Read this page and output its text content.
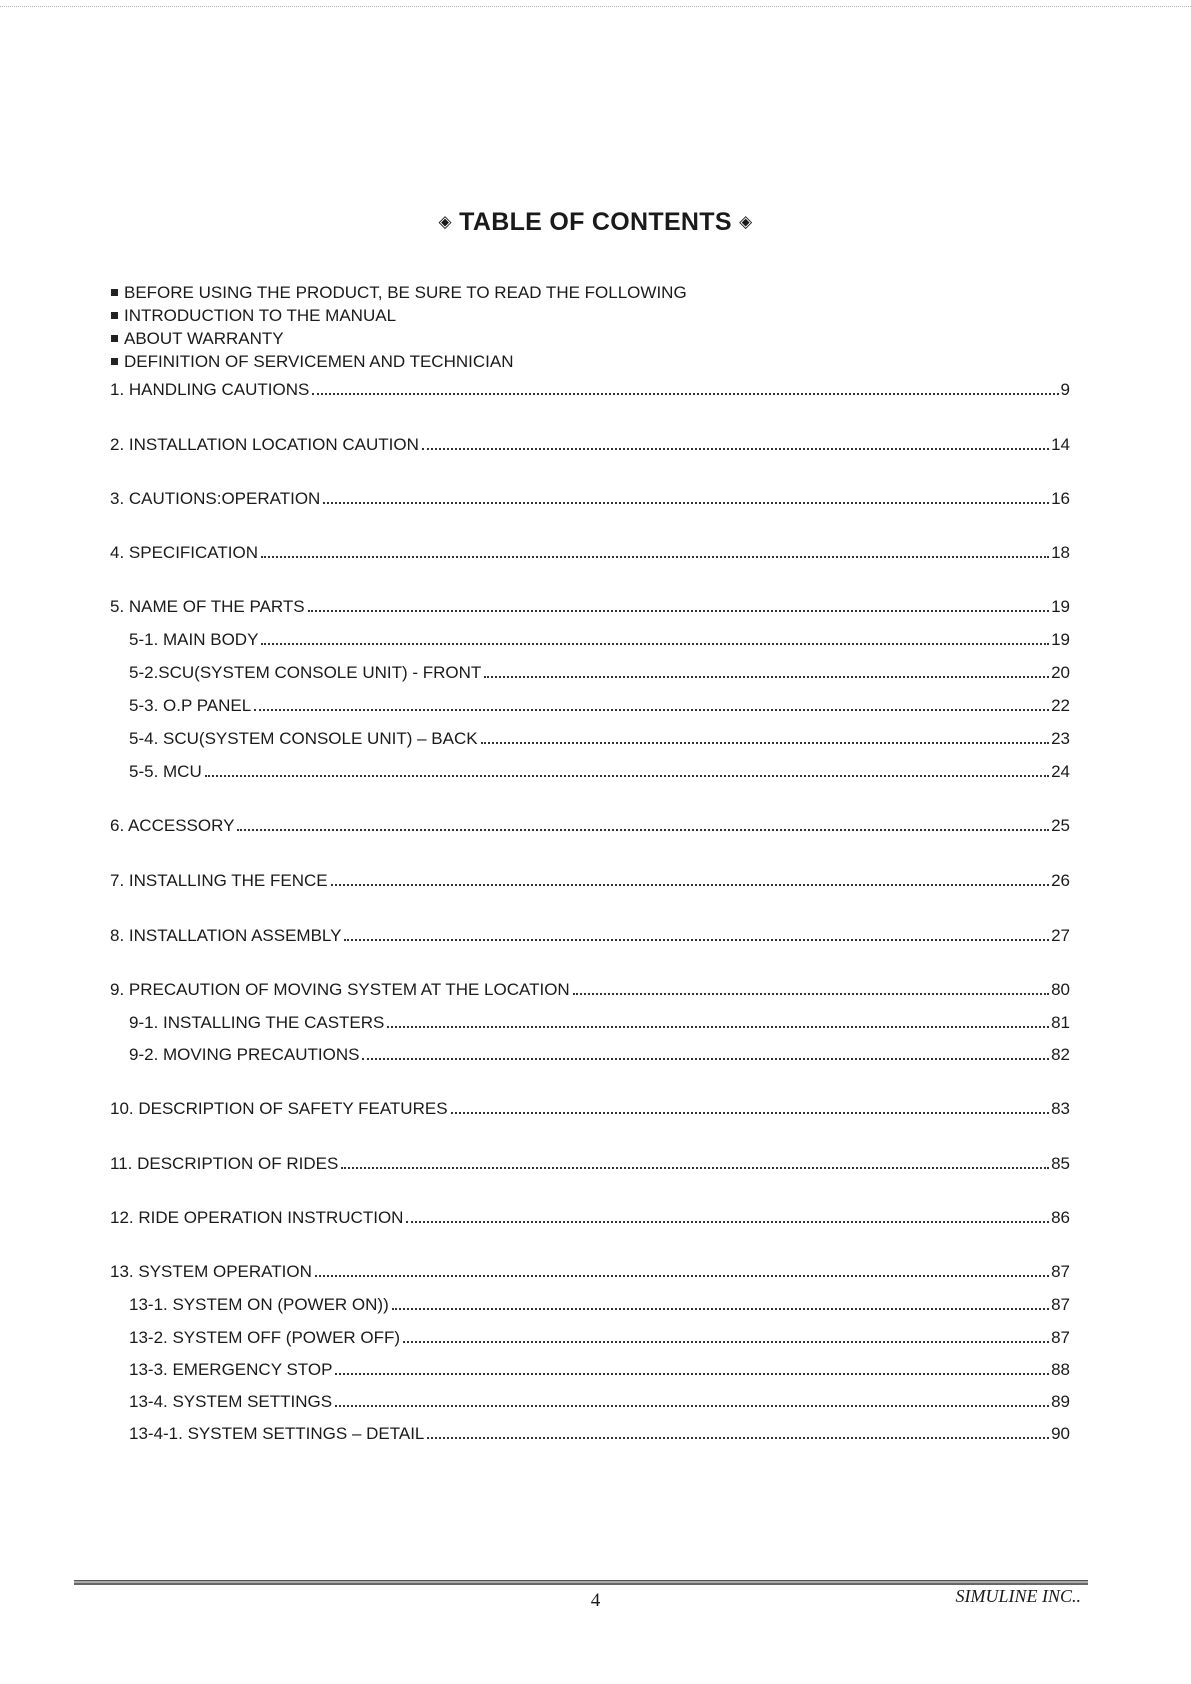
◈ TABLE OF CONTENTS ◈
BEFORE USING THE PRODUCT, BE SURE TO READ THE FOLLOWING
INTRODUCTION TO THE MANUAL
ABOUT WARRANTY
DEFINITION OF SERVICEMEN AND TECHNICIAN
1. HANDLING CAUTIONS	9
2. INSTALLATION LOCATION CAUTION	14
3. CAUTIONS:OPERATION	16
4. SPECIFICATION	18
5. NAME OF THE PARTS	19
5-1. MAIN BODY	19
5-2.SCU(SYSTEM CONSOLE UNIT) - FRONT	20
5-3. O.P PANEL	22
5-4. SCU(SYSTEM CONSOLE UNIT) – BACK	23
5-5. MCU	24
6. ACCESSORY	25
7. INSTALLING THE FENCE	26
8. INSTALLATION ASSEMBLY	27
9. PRECAUTION OF MOVING SYSTEM AT THE LOCATION	80
9-1. INSTALLING THE CASTERS	81
9-2. MOVING PRECAUTIONS	82
10. DESCRIPTION OF SAFETY FEATURES	83
11. DESCRIPTION OF RIDES	85
12. RIDE OPERATION INSTRUCTION	86
13. SYSTEM OPERATION	87
13-1. SYSTEM ON (POWER ON))	87
13-2. SYSTEM OFF (POWER OFF)	87
13-3. EMERGENCY STOP	88
13-4. SYSTEM SETTINGS	89
13-4-1. SYSTEM SETTINGS – DETAIL	90
4	SIMULINE INC..
